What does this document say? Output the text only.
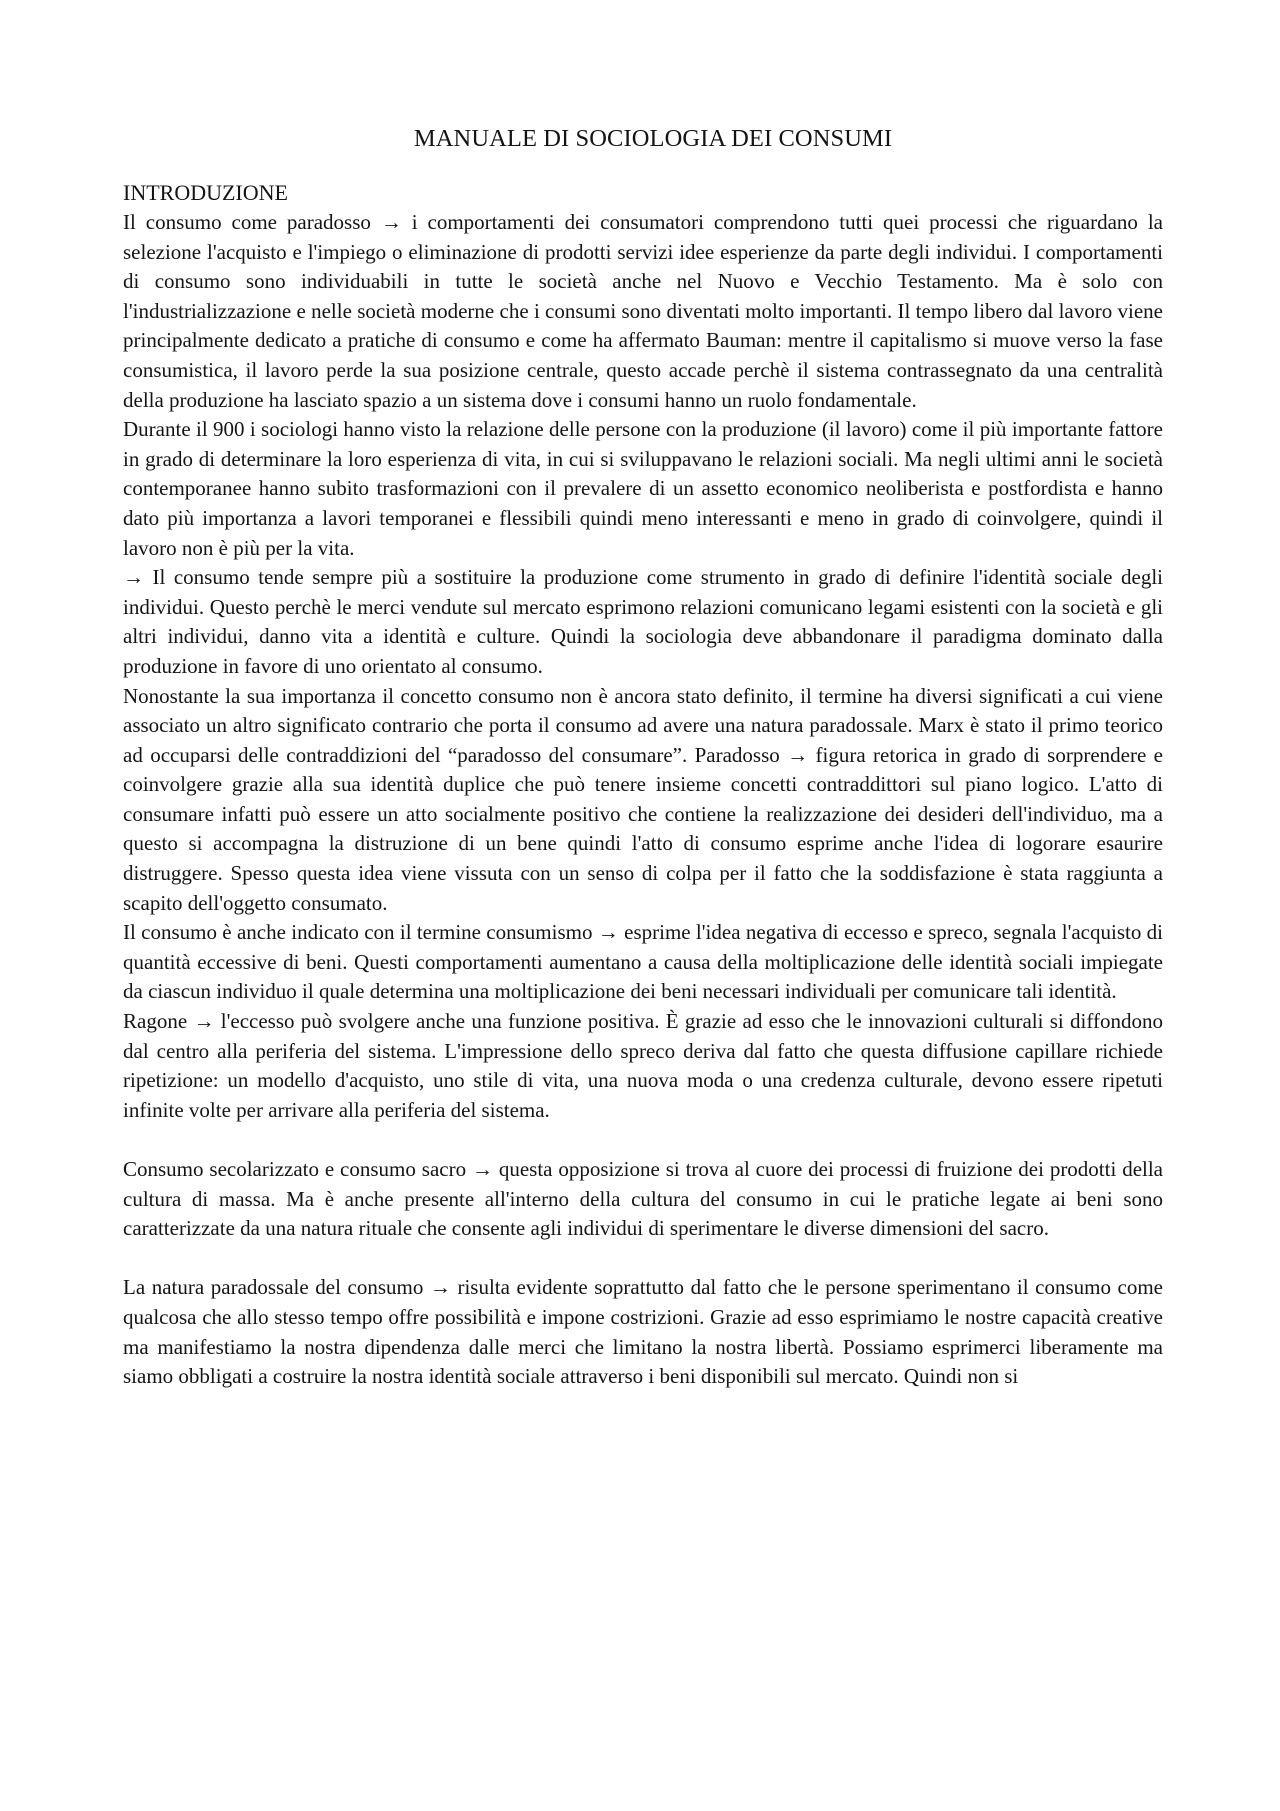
MANUALE DI SOCIOLOGIA DEI CONSUMI
INTRODUZIONE

Il consumo come paradosso → i comportamenti dei consumatori comprendono tutti quei processi che riguardano la selezione l'acquisto e l'impiego o eliminazione di prodotti servizi idee esperienze da parte degli individui. I comportamenti di consumo sono individuabili in tutte le società anche nel Nuovo e Vecchio Testamento. Ma è solo con l'industrializzazione e nelle società moderne che i consumi sono diventati molto importanti. Il tempo libero dal lavoro viene principalmente dedicato a pratiche di consumo e come ha affermato Bauman: mentre il capitalismo si muove verso la fase consumistica, il lavoro perde la sua posizione centrale, questo accade perchè il sistema contrassegnato da una centralità della produzione ha lasciato spazio a un sistema dove i consumi hanno un ruolo fondamentale.

Durante il 900 i sociologi hanno visto la relazione delle persone con la produzione (il lavoro) come il più importante fattore in grado di determinare la loro esperienza di vita, in cui si sviluppavano le relazioni sociali. Ma negli ultimi anni le società contemporanee hanno subito trasformazioni con il prevalere di un assetto economico neoliberista e postfordista e hanno dato più importanza a lavori temporanei e flessibili quindi meno interessanti e meno in grado di coinvolgere, quindi il lavoro non è più per la vita.

→ Il consumo tende sempre più a sostituire la produzione come strumento in grado di definire l'identità sociale degli individui. Questo perchè le merci vendute sul mercato esprimono relazioni comunicano legami esistenti con la società e gli altri individui, danno vita a identità e culture. Quindi la sociologia deve abbandonare il paradigma dominato dalla produzione in favore di uno orientato al consumo.

Nonostante la sua importanza il concetto consumo non è ancora stato definito, il termine ha diversi significati a cui viene associato un altro significato contrario che porta il consumo ad avere una natura paradossale. Marx è stato il primo teorico ad occuparsi delle contraddizioni del “paradosso del consumare”. Paradosso → figura retorica in grado di sorprendere e coinvolgere grazie alla sua identità duplice che può tenere insieme concetti contraddittori sul piano logico. L'atto di consumare infatti può essere un atto socialmente positivo che contiene la realizzazione dei desideri dell'individuo, ma a questo si accompagna la distruzione di un bene quindi l'atto di consumo esprime anche l'idea di logorare esaurire distruggere. Spesso questa idea viene vissuta con un senso di colpa per il fatto che la soddisfazione è stata raggiunta a scapito dell'oggetto consumato.

Il consumo è anche indicato con il termine consumismo → esprime l'idea negativa di eccesso e spreco, segnala l'acquisto di quantità eccessive di beni. Questi comportamenti aumentano a causa della moltiplicazione delle identità sociali impiegate da ciascun individuo il quale determina una moltiplicazione dei beni necessari individuali per comunicare tali identità.

Ragone → l'eccesso può svolgere anche una funzione positiva. È grazie ad esso che le innovazioni culturali si diffondono dal centro alla periferia del sistema. L'impressione dello spreco deriva dal fatto che questa diffusione capillare richiede ripetizione: un modello d'acquisto, uno stile di vita, una nuova moda o una credenza culturale, devono essere ripetuti infinite volte per arrivare alla periferia del sistema.

Consumo secolarizzato e consumo sacro → questa opposizione si trova al cuore dei processi di fruizione dei prodotti della cultura di massa. Ma è anche presente all'interno della cultura del consumo in cui le pratiche legate ai beni sono caratterizzate da una natura rituale che consente agli individui di sperimentare le diverse dimensioni del sacro.

La natura paradossale del consumo → risulta evidente soprattutto dal fatto che le persone sperimentano il consumo come qualcosa che allo stesso tempo offre possibilità e impone costrizioni. Grazie ad esso esprimiamo le nostre capacità creative ma manifestiamo la nostra dipendenza dalle merci che limitano la nostra libertà. Possiamo esprimerci liberamente ma siamo obbligati a costruire la nostra identità sociale attraverso i beni disponibili sul mercato. Quindi non si
